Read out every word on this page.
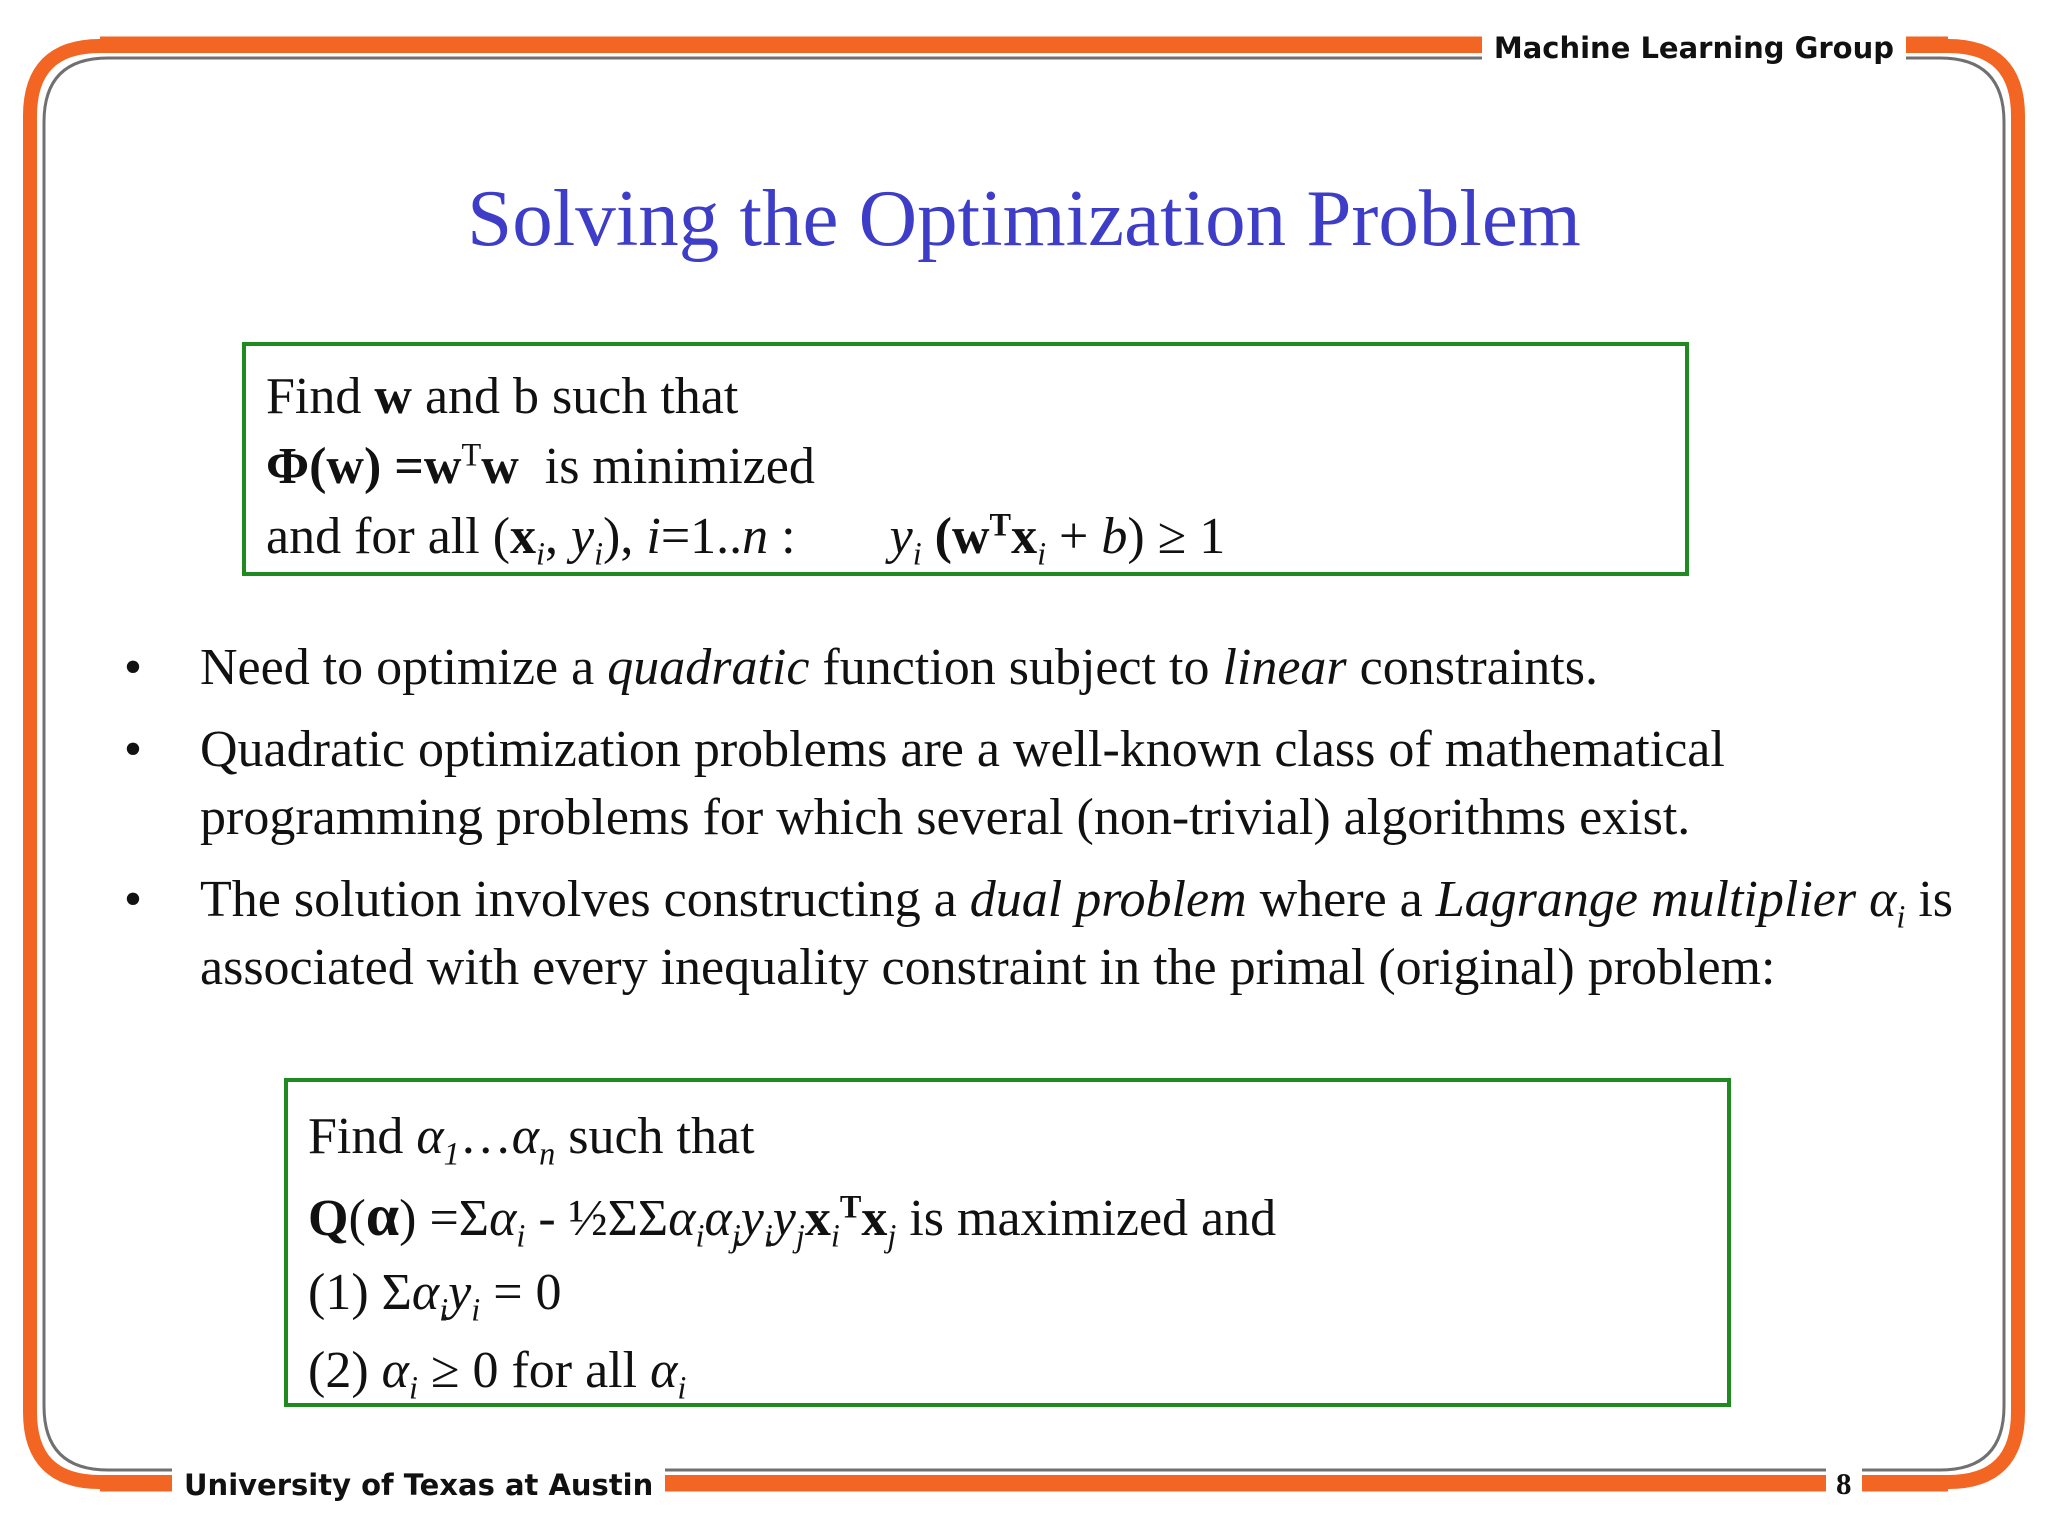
Machine Learning Group
University of Texas at Austin	8
Solving the Optimization Problem
Find w and b such that
$\Phi(w) =w^Tw$ is minimized
and for all ($x_i$, $y_i$), i=1..n : $y_i$ $(w^Tx_i + b) \ge 1$
• Need to optimize a quadratic function subject to linear constraints.
• Quadratic optimization problems are a well-known class of mathematical programming problems for which several (non-trivial) algorithms exist.
• The solution involves constructing a dual problem where a Lagrange multiplier $\alpha_i$ is associated with every inequality constraint in the primal (original) problem:
Find $\alpha_1\dots\alpha_n$ such that
$Q(\alpha) =\Sigma\alpha_i$ - $\frac{1}{2}\Sigma\Sigma\alpha_i\alpha_jy_iy_jx_i^Tx_j$ is maximized and
(1) $\Sigma\alpha_iy_i = 0$
(2) $\alpha_i \ge 0$ for all $\alpha_i$
